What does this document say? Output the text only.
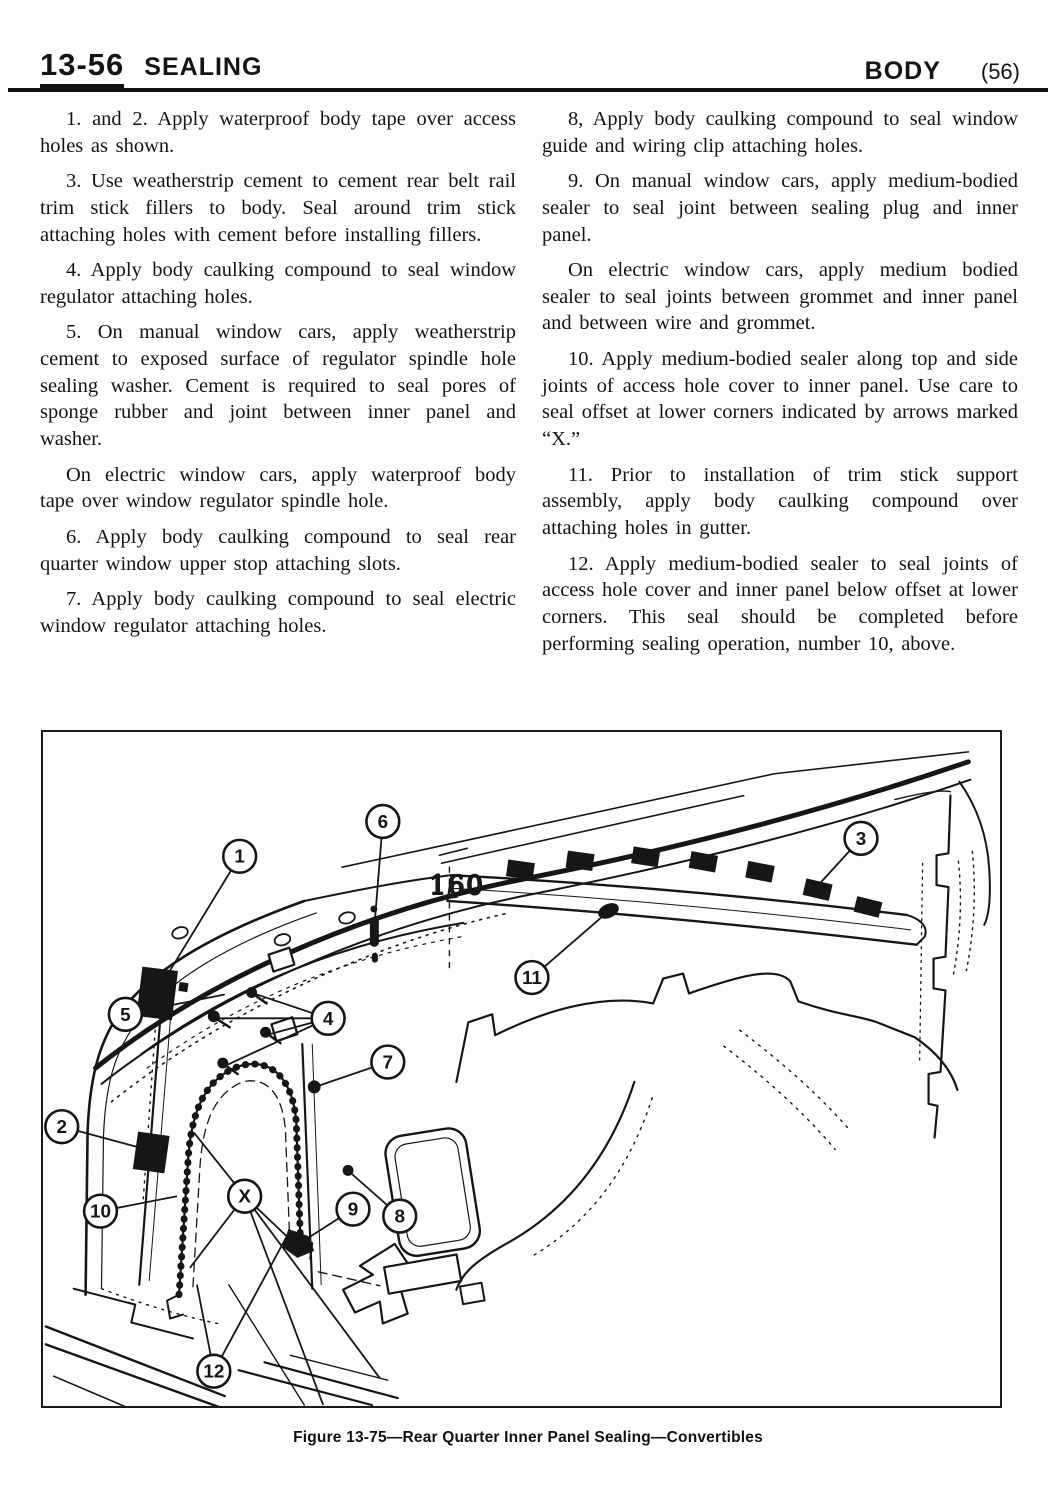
13-56 SEALING	BODY (56)

1. and 2. Apply waterproof body tape over access holes as shown.

3. Use weatherstrip cement to cement rear belt rail trim stick fillers to body. Seal around trim stick attaching holes with cement before installing fillers.

4. Apply body caulking compound to seal window regulator attaching holes.

5. On manual window cars, apply weatherstrip cement to exposed surface of regulator spindle hole sealing washer. Cement is required to seal pores of sponge rubber and joint between inner panel and washer.

On electric window cars, apply waterproof body tape over window regulator spindle hole.

6. Apply body caulking compound to seal rear quarter window upper stop attaching slots.

7. Apply body caulking compound to seal electric window regulator attaching holes.

8, Apply body caulking compound to seal window guide and wiring clip attaching holes.

9. On manual window cars, apply medium-bodied sealer to seal joint between sealing plug and inner panel.

On electric window cars, apply medium bodied sealer to seal joints between grommet and inner panel and between wire and grommet.

10. Apply medium-bodied sealer along top and side joints of access hole cover to inner panel. Use care to seal offset at lower corners indicated by arrows marked “X.”

11. Prior to installation of trim stick support assembly, apply body caulking compound over attaching holes in gutter.

12. Apply medium-bodied sealer to seal joints of access hole cover and inner panel below offset at lower corners. This seal should be completed before performing sealing operation, number 10, above.

160
1
6
3
5	4
7
11
2
10
X
9 8
12
Figure 13-75—Rear Quarter Inner Panel Sealing—Convertibles
